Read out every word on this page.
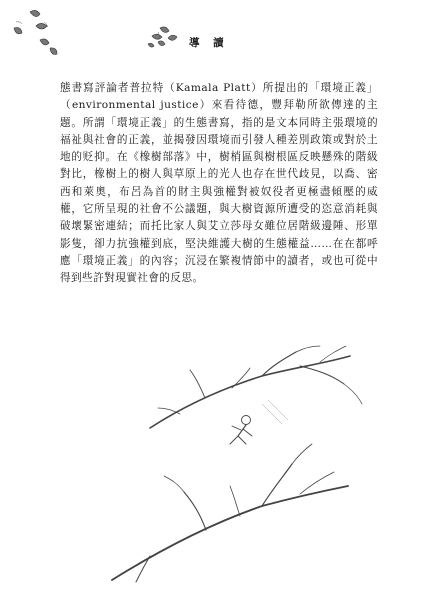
導 讀

態書寫評論者普拉特（Kamala Platt）所提出的「環境正義」（environmental justice）來看待德，豐拜勒所欲傳達的主題。所謂「環境正義」的生態書寫，指的是文本同時主張環境的福祉與社會的正義，並揭發因環境而引發人種差別政策或對於土地的贬抑。在《橡樹部落》中，樹梢區與樹根區反映懸殊的階級對比，橡樹上的樹人與草原上的光人也存在世代歧見，以喬、密西和萊奧，布呂為首的財主與強權對被奴役者更極盡傾壓的威權，它所呈現的社會不公議題，與大樹資源所遭受的恣意消耗與破壞緊密連結；而托比家人與艾立莎母女雖位居階級邊陲、形單影隻，卻力抗強權到底，堅決維護大樹的生態權益……在在都呼應「環境正義」的內容；沉浸在繁複情節中的讀者，或也可從中得到些許對現實社會的反思。
